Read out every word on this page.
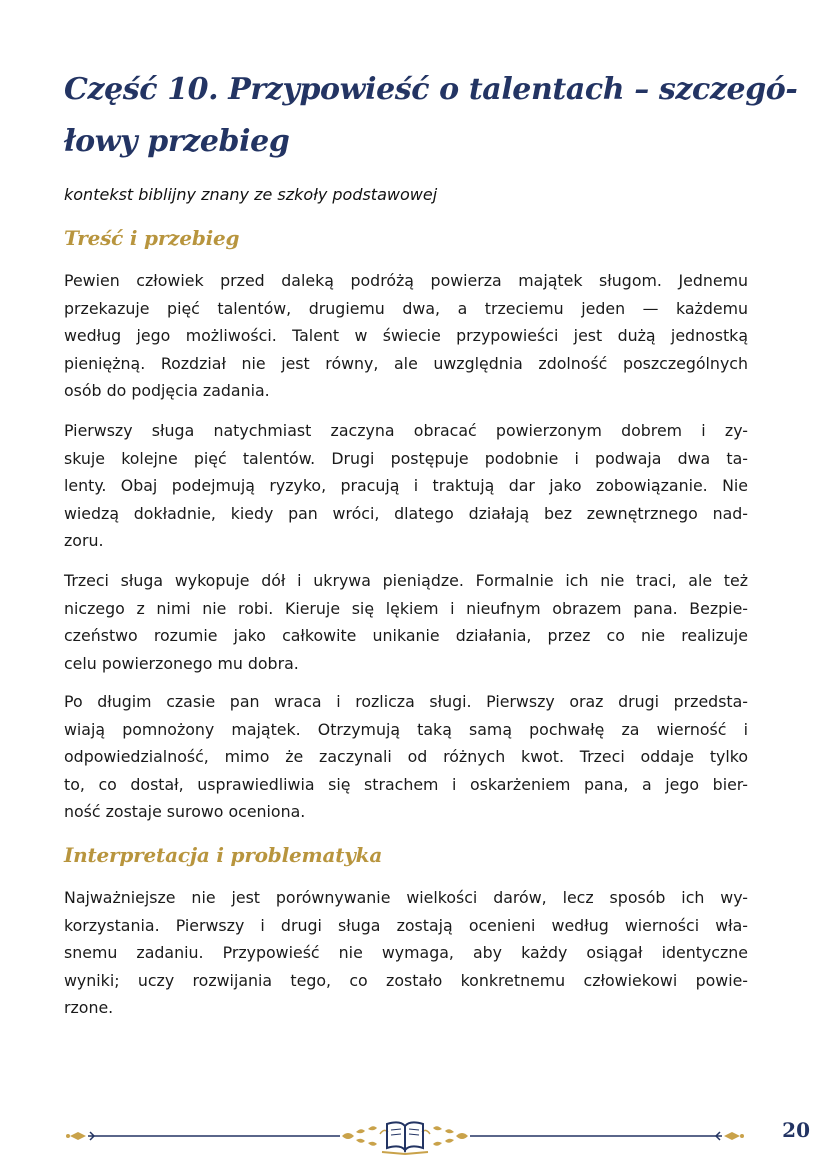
Część 10. Przypowieść o talentach – szczegó-
łowy przebieg

kontekst biblijny znany ze szkoły podstawowej

Treść i przebieg

Pewien człowiek przed daleką podróżą powierza majątek sługom. Jednemu
przekazuje pięć talentów, drugiemu dwa, a trzeciemu jeden — każdemu
według jego możliwości. Talent w świecie przypowieści jest dużą jednostką
pieniężną. Rozdział nie jest równy, ale uwzględnia zdolność poszczególnych
osób do podjęcia zadania.

Pierwszy sługa natychmiast zaczyna obracać powierzonym dobrem i zy-
skuje kolejne pięć talentów. Drugi postępuje podobnie i podwaja dwa ta-
lenty. Obaj podejmują ryzyko, pracują i traktują dar jako zobowiązanie. Nie
wiedzą dokładnie, kiedy pan wróci, dlatego działają bez zewnętrznego nad-
zoru.

Trzeci sługa wykopuje dół i ukrywa pieniądze. Formalnie ich nie traci, ale też
niczego z nimi nie robi. Kieruje się lękiem i nieufnym obrazem pana. Bezpie-
czeństwo rozumie jako całkowite unikanie działania, przez co nie realizuje
celu powierzonego mu dobra.

Po długim czasie pan wraca i rozlicza sługi. Pierwszy oraz drugi przedsta-
wiają pomnożony majątek. Otrzymują taką samą pochwałę za wierność i
odpowiedzialność, mimo że zaczynali od różnych kwot. Trzeci oddaje tylko
to, co dostał, usprawiedliwia się strachem i oskarżeniem pana, a jego bier-
ność zostaje surowo oceniona.

Interpretacja i problematyka

Najważniejsze nie jest porównywanie wielkości darów, lecz sposób ich wy-
korzystania. Pierwszy i drugi sługa zostają ocenieni według wierności wła-
snemu zadaniu. Przypowieść nie wymaga, aby każdy osiągał identyczne
wyniki; uczy rozwijania tego, co zostało konkretnemu człowiekowi powie-
rzone.

20
